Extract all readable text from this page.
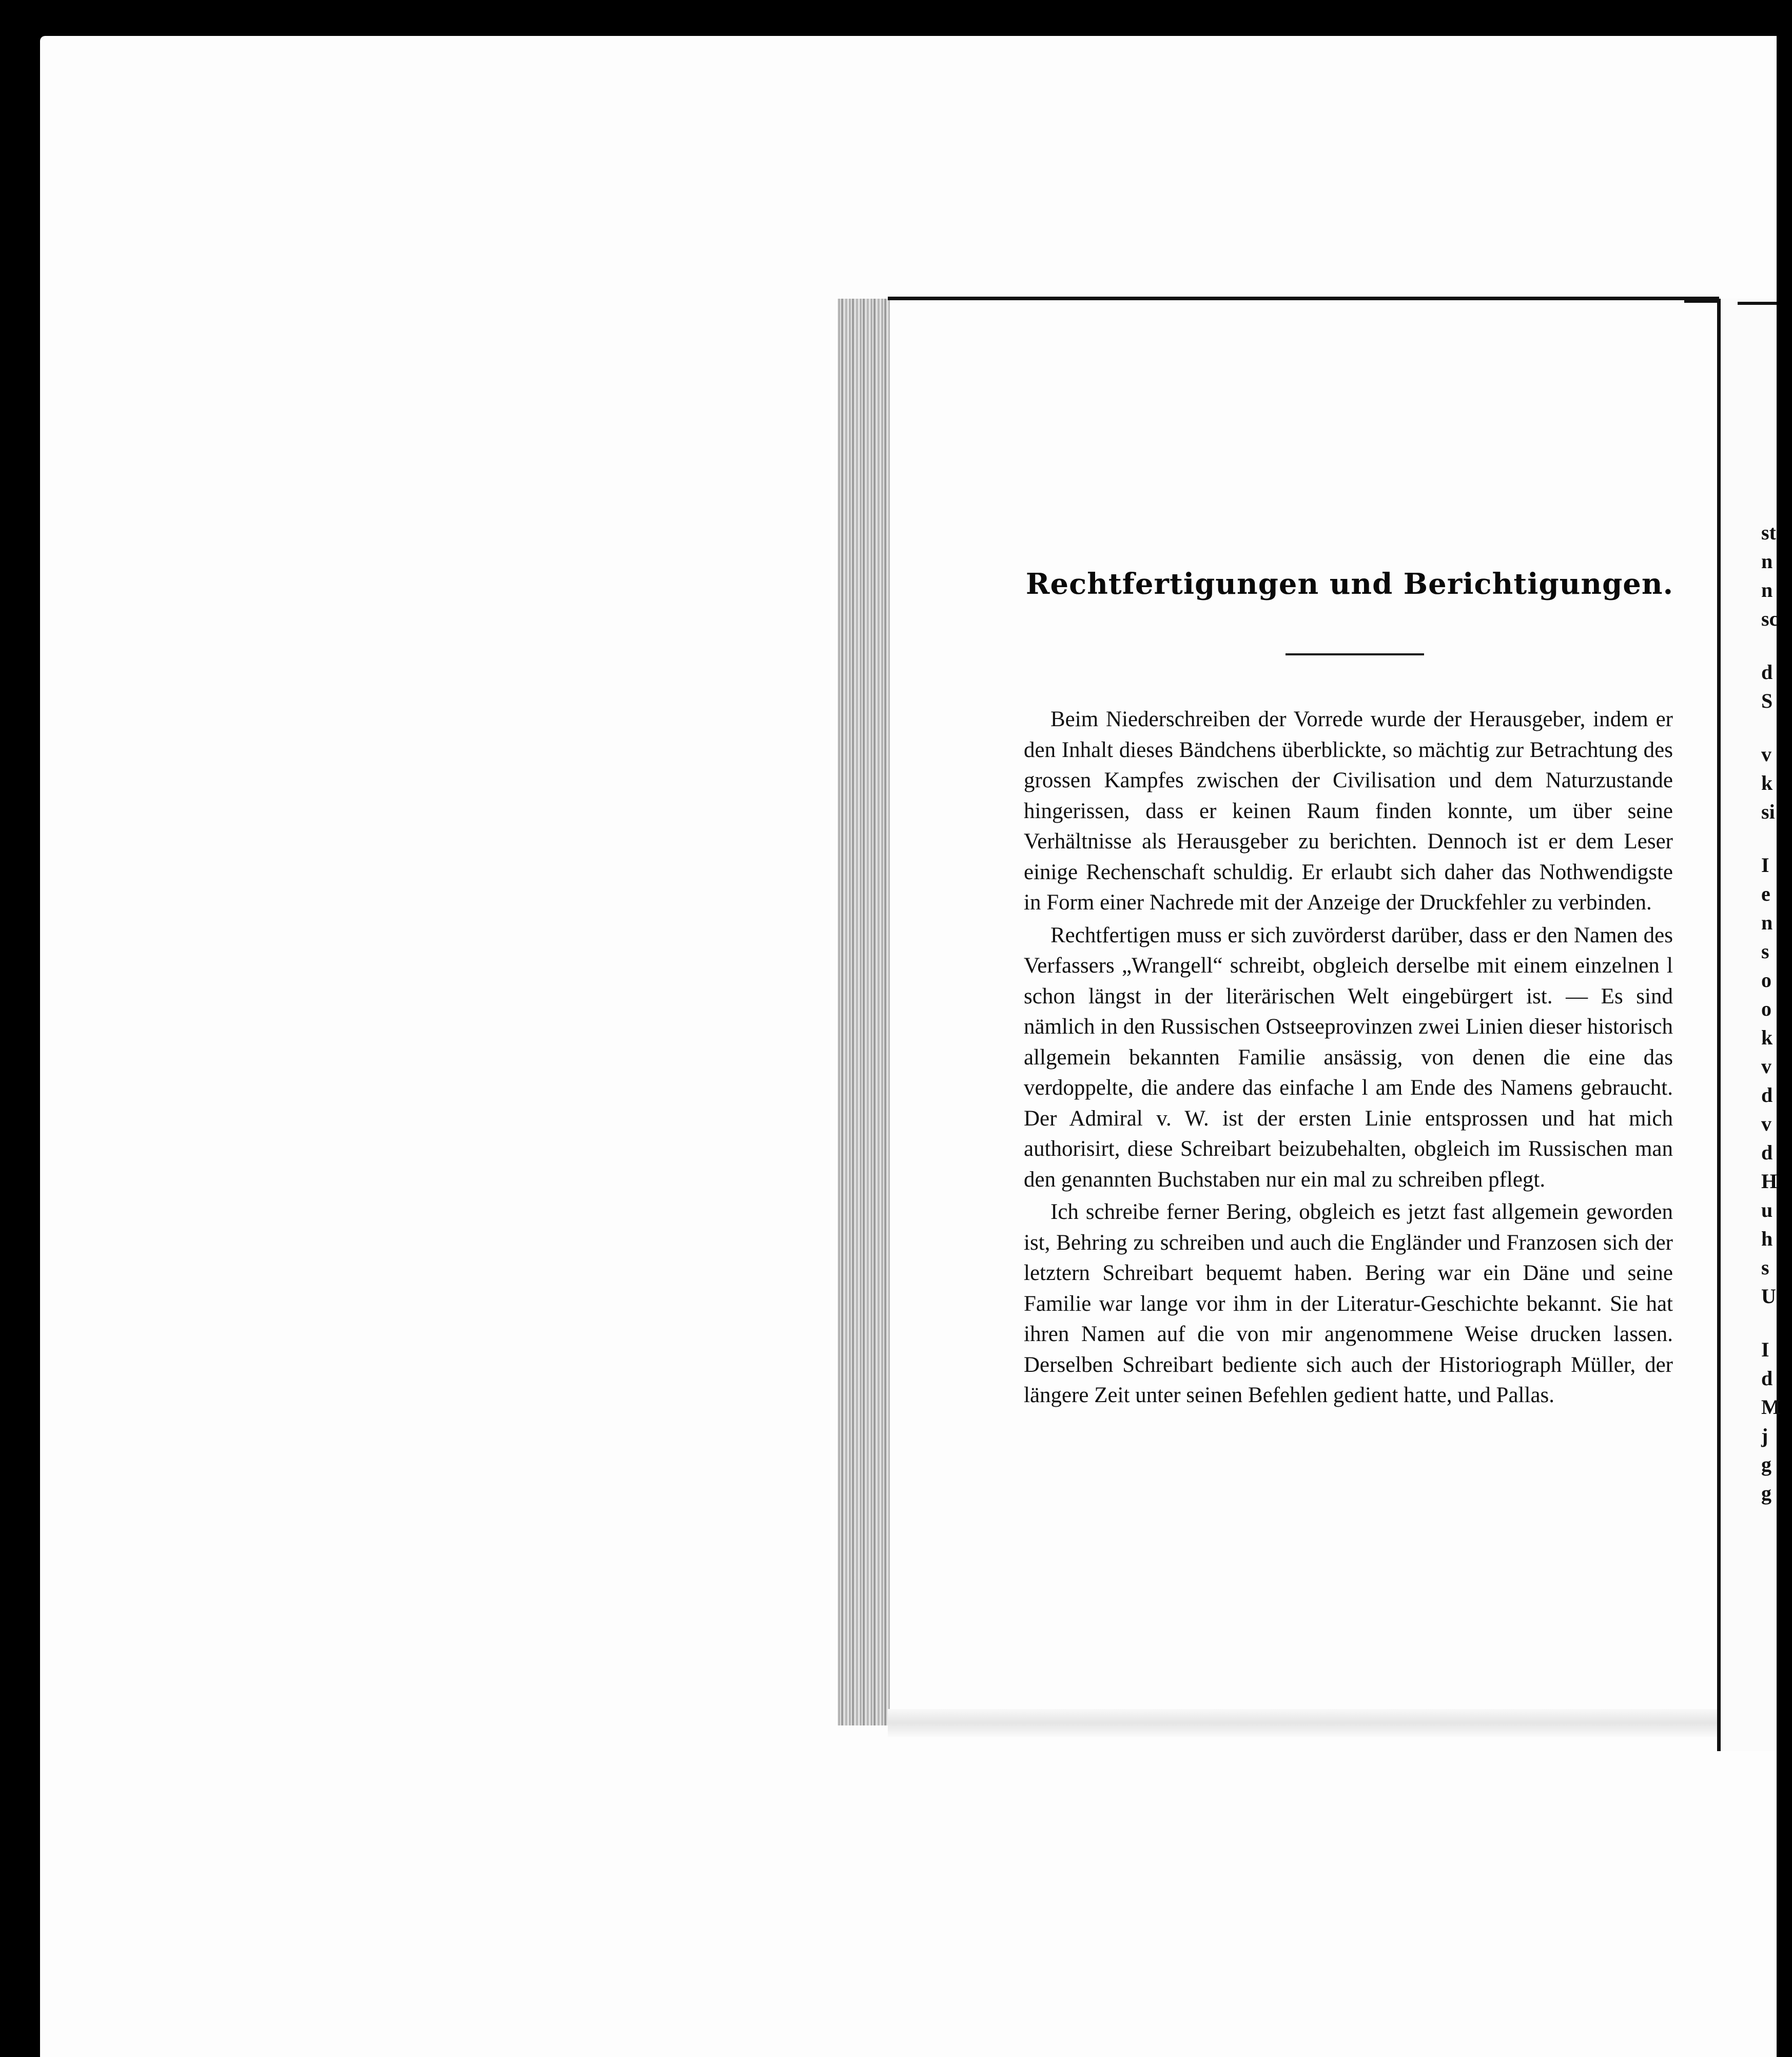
st
n
n
sc
d
S
v
k
si
I
e
n
s
o
o
k
v
d
v
d
H
u
h
s
U
I
d
M
j
g
g
Rechtfertigungen und Berichtigungen.

Beim Niederschreiben der Vorrede wurde der Herausgeber, indem er den Inhalt dieses Bändchens überblickte, so mächtig zur Betrachtung des grossen Kampfes zwischen der Civilisation und dem Naturzustande hingerissen, dass er keinen Raum finden konnte, um über seine Verhältnisse als Herausgeber zu berichten. Dennoch ist er dem Leser einige Rechenschaft schuldig. Er erlaubt sich daher das Nothwendigste in Form einer Nachrede mit der Anzeige der Druckfehler zu verbinden.

Rechtfertigen muss er sich zuvörderst darüber, dass er den Namen des Verfassers „Wrangell“ schreibt, obgleich derselbe mit einem einzelnen l schon längst in der literärischen Welt eingebürgert ist. — Es sind nämlich in den Russischen Ostseeprovinzen zwei Linien dieser historisch allgemein bekannten Familie ansässig, von denen die eine das verdoppelte, die andere das einfache l am Ende des Namens gebraucht. Der Admiral v. W. ist der ersten Linie entsprossen und hat mich authorisirt, diese Schreibart beizubehalten, obgleich im Russischen man den genannten Buchstaben nur ein mal zu schreiben pflegt.

Ich schreibe ferner Bering, obgleich es jetzt fast allgemein geworden ist, Behring zu schreiben und auch die Engländer und Franzosen sich der letztern Schreibart bequemt haben. Bering war ein Däne und seine Familie war lange vor ihm in der Literatur-Geschichte bekannt. Sie hat ihren Namen auf die von mir angenommene Weise drucken lassen. Derselben Schreibart bediente sich auch der Historiograph Müller, der längere Zeit unter seinen Befehlen gedient hatte, und Pallas.
